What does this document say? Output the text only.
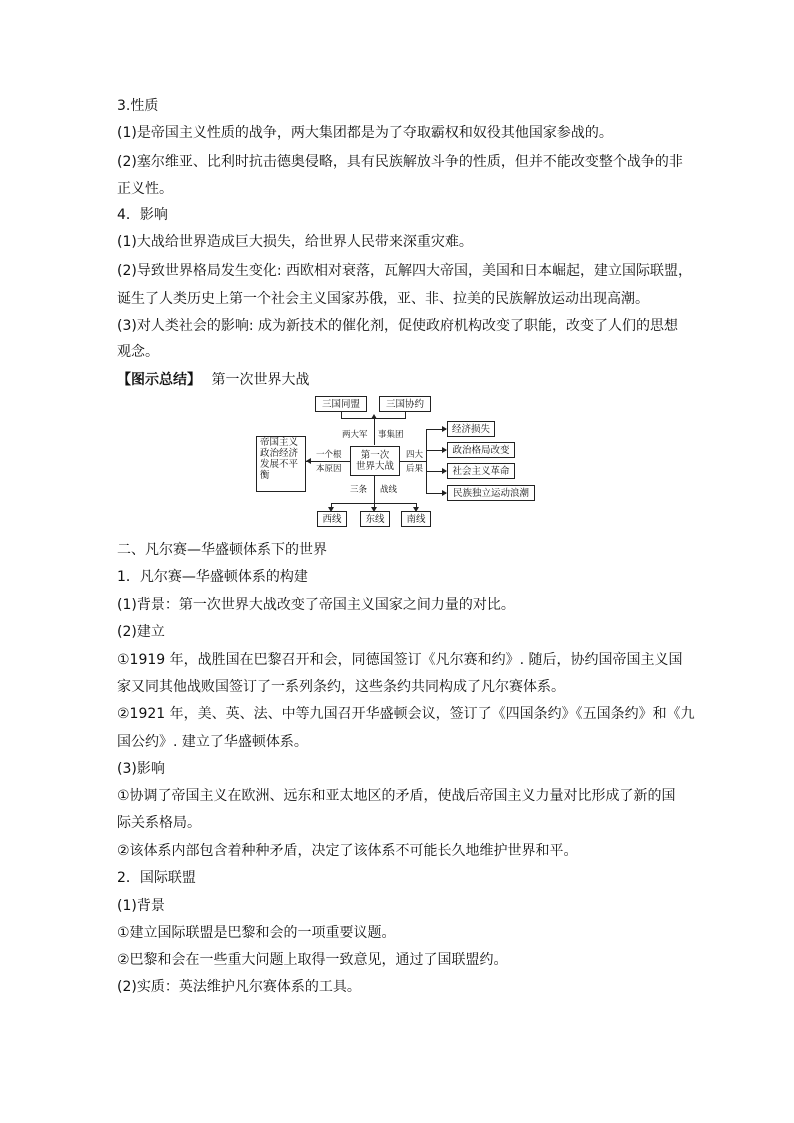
3.性质
(1)是帝国主义性质的战争，两大集团都是为了夺取霸权和奴役其他国家参战的。
(2)塞尔维亚、比利时抗击德奥侵略，具有民族解放斗争的性质，但并不能改变整个战争的非
正义性。
4．影响
(1)大战给世界造成巨大损失，给世界人民带来深重灾难。
(2)导致世界格局发生变化: 西欧相对衰落，瓦解四大帝国，美国和日本崛起，建立国际联盟，
诞生了人类历史上第一个社会主义国家苏俄，亚、非、拉美的民族解放运动出现高潮。
(3)对人类社会的影响: 成为新技术的催化剂，促使政府机构改变了职能，改变了人们的思想
观念。
【图示总结】 第一次世界大战
三国同盟	三国协约
两大军 事集团
帝国主义
政治经济
发展不平
衡
一个根
本原因
第一次
世界大战
四大
后果
经济损失
政治格局改变
社会主义革命
民族独立运动浪潮
三条 战线
西线	东线	南线
二、凡尔赛—华盛顿体系下的世界
1．凡尔赛—华盛顿体系的构建
(1)背景：第一次世界大战改变了帝国主义国家之间力量的对比。
(2)建立
①1919 年，战胜国在巴黎召开和会，同德国签订《凡尔赛和约》. 随后，协约国帝国主义国
家又同其他战败国签订了一系列条约，这些条约共同构成了凡尔赛体系。
②1921 年，美、英、法、中等九国召开华盛顿会议，签订了《四国条约》《五国条约》和《九
国公约》. 建立了华盛顿体系。
(3)影响
①协调了帝国主义在欧洲、远东和亚太地区的矛盾，使战后帝国主义力量对比形成了新的国
际关系格局。
②该体系内部包含着种种矛盾，决定了该体系不可能长久地维护世界和平。
2．国际联盟
(1)背景
①建立国际联盟是巴黎和会的一项重要议题。
②巴黎和会在一些重大问题上取得一致意见，通过了国联盟约。
(2)实质：英法维护凡尔赛体系的工具。
